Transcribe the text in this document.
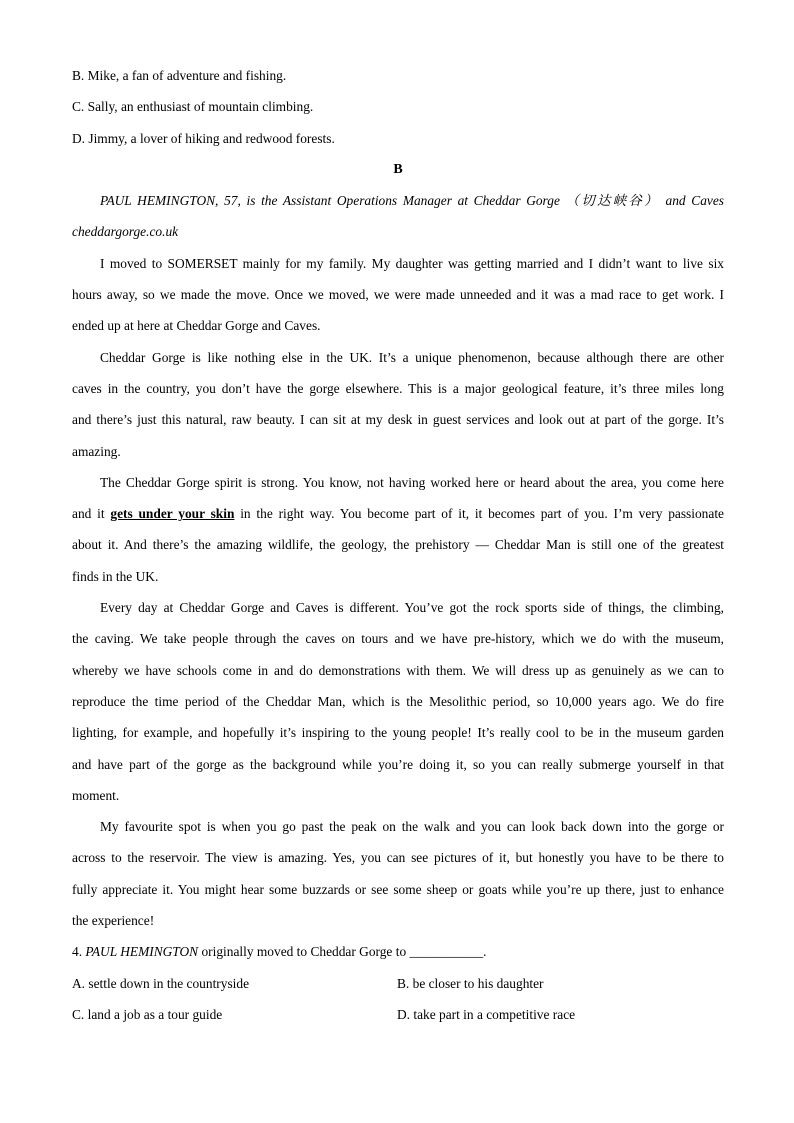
B. Mike, a fan of adventure and fishing.
C. Sally, an enthusiast of mountain climbing.
D. Jimmy, a lover of hiking and redwood forests.
B
PAUL HEMINGTON, 57, is the Assistant Operations Manager at Cheddar Gorge （切达峡谷） and Caves
cheddargorge.co.uk
I moved to SOMERSET mainly for my family. My daughter was getting married and I didn’t want to live six
hours away, so we made the move. Once we moved, we were made unneeded and it was a mad race to get work. I
ended up at here at Cheddar Gorge and Caves.
Cheddar Gorge is like nothing else in the UK. It’s a unique phenomenon, because although there are other
caves in the country, you don’t have the gorge elsewhere. This is a major geological feature, it’s three miles long
and there’s just this natural, raw beauty. I can sit at my desk in guest services and look out at part of the gorge. It’s
amazing.
The Cheddar Gorge spirit is strong. You know, not having worked here or heard about the area, you come here
and it gets under your skin in the right way. You become part of it, it becomes part of you. I’m very passionate
about it. And there’s the amazing wildlife, the geology, the prehistory — Cheddar Man is still one of the greatest
finds in the UK.
Every day at Cheddar Gorge and Caves is different. You’ve got the rock sports side of things, the climbing,
the caving. We take people through the caves on tours and we have pre-history, which we do with the museum,
whereby we have schools come in and do demonstrations with them. We will dress up as genuinely as we can to
reproduce the time period of the Cheddar Man, which is the Mesolithic period, so 10,000 years ago. We do fire
lighting, for example, and hopefully it’s inspiring to the young people! It’s really cool to be in the museum garden
and have part of the gorge as the background while you’re doing it, so you can really submerge yourself in that
moment.
My favourite spot is when you go past the peak on the walk and you can look back down into the gorge or
across to the reservoir. The view is amazing. Yes, you can see pictures of it, but honestly you have to be there to
fully appreciate it. You might hear some buzzards or see some sheep or goats while you’re up there, just to enhance
the experience!
4. PAUL HEMINGTON originally moved to Cheddar Gorge to ___________.
A. settle down in the countryside	B. be closer to his daughter
C. land a job as a tour guide	D. take part in a competitive race
